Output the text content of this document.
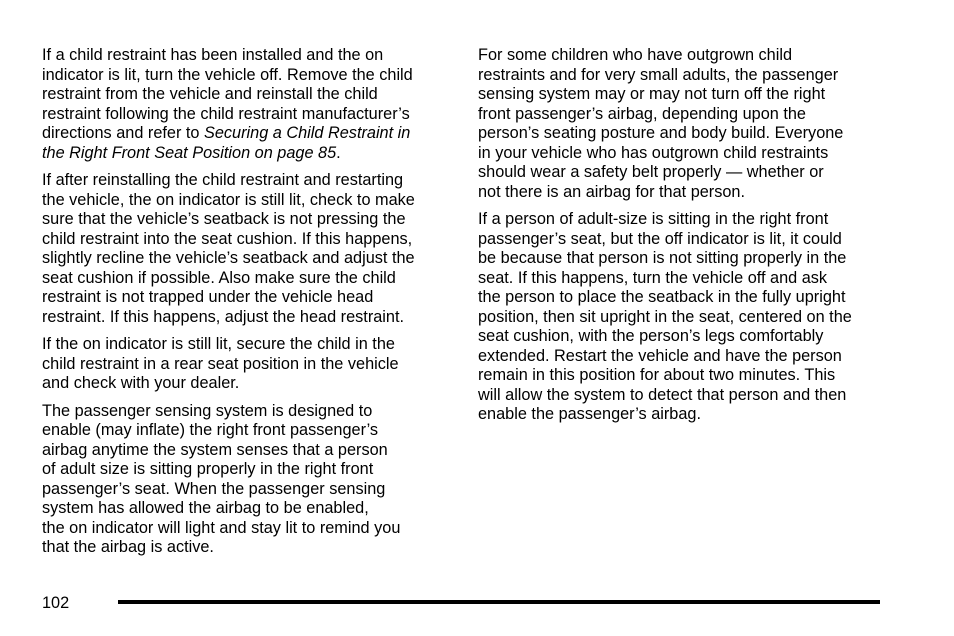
If a child restraint has been installed and the on
indicator is lit, turn the vehicle off. Remove the child
restraint from the vehicle and reinstall the child
restraint following the child restraint manufacturer’s
directions and refer to Securing a Child Restraint in
the Right Front Seat Position on page 85.

If after reinstalling the child restraint and restarting
the vehicle, the on indicator is still lit, check to make
sure that the vehicle’s seatback is not pressing the
child restraint into the seat cushion. If this happens,
slightly recline the vehicle’s seatback and adjust the
seat cushion if possible. Also make sure the child
restraint is not trapped under the vehicle head
restraint. If this happens, adjust the head restraint.

If the on indicator is still lit, secure the child in the
child restraint in a rear seat position in the vehicle
and check with your dealer.

The passenger sensing system is designed to
enable (may inflate) the right front passenger’s
airbag anytime the system senses that a person
of adult size is sitting properly in the right front
passenger’s seat. When the passenger sensing
system has allowed the airbag to be enabled,
the on indicator will light and stay lit to remind you
that the airbag is active.

For some children who have outgrown child
restraints and for very small adults, the passenger
sensing system may or may not turn off the right
front passenger’s airbag, depending upon the
person’s seating posture and body build. Everyone
in your vehicle who has outgrown child restraints
should wear a safety belt properly — whether or
not there is an airbag for that person.

If a person of adult-size is sitting in the right front
passenger’s seat, but the off indicator is lit, it could
be because that person is not sitting properly in the
seat. If this happens, turn the vehicle off and ask
the person to place the seatback in the fully upright
position, then sit upright in the seat, centered on the
seat cushion, with the person’s legs comfortably
extended. Restart the vehicle and have the person
remain in this position for about two minutes. This
will allow the system to detect that person and then
enable the passenger’s airbag.

102
